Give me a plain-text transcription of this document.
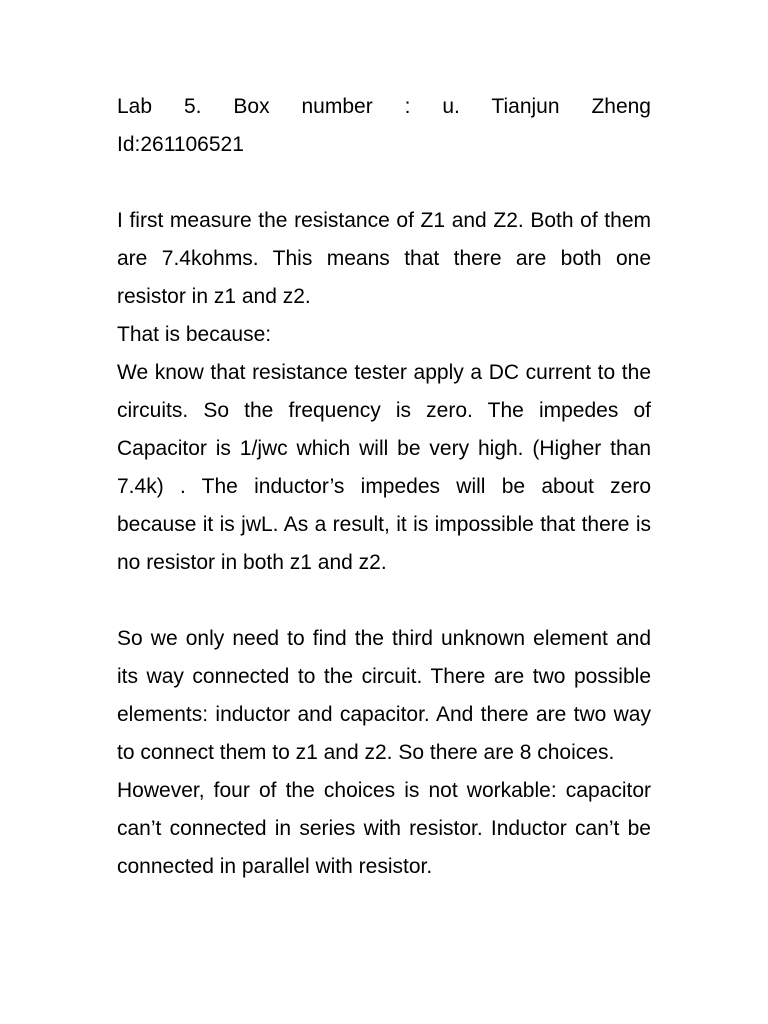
Lab 5. Box number : u. Tianjun Zheng

Id:261106521

I first measure the resistance of Z1 and Z2. Both of them are 7.4kohms. This means that there are both one resistor in z1 and z2.

That is because:

We know that resistance tester apply a DC current to the circuits. So the frequency is zero. The impedes of Capacitor is 1/jwc which will be very high. (Higher than 7.4k) . The inductor’s impedes will be about zero because it is jwL. As a result, it is impossible that there is no resistor in both z1 and z2.

So we only need to find the third unknown element and its way connected to the circuit. There are two possible elements: inductor and capacitor. And there are two way to connect them to z1 and z2. So there are 8 choices.

However, four of the choices is not workable: capacitor can’t connected in series with resistor. Inductor can’t be connected in parallel with resistor.
